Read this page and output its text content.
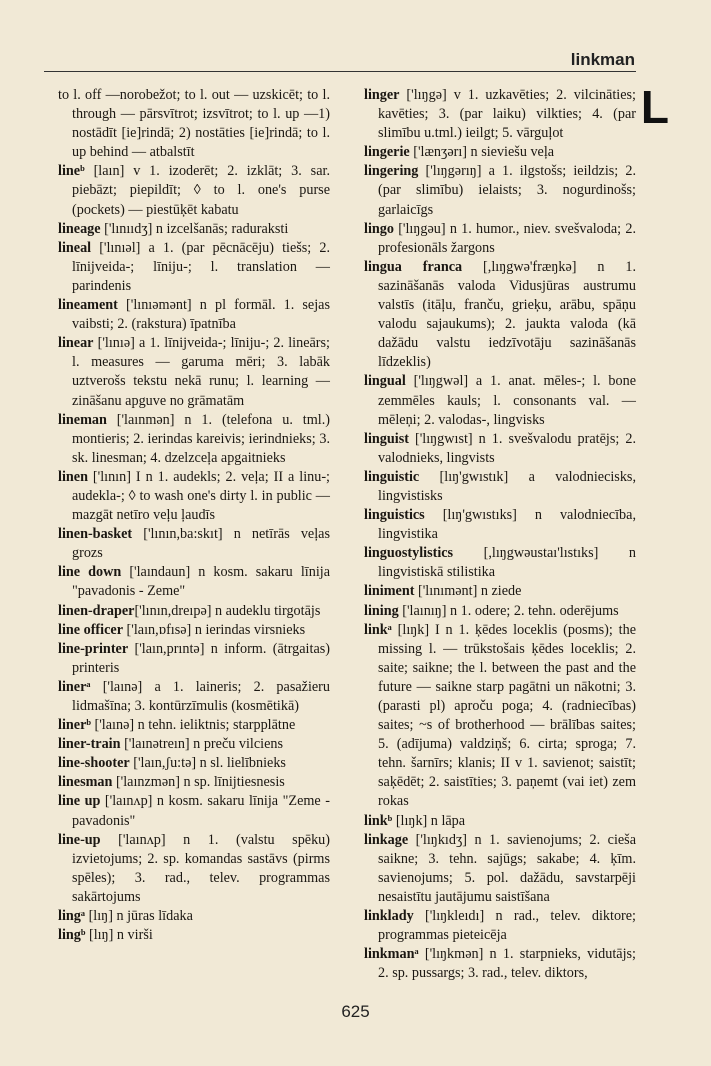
linkman
L

to l. off —norobežot; to l. out — uzskicēt; to l. through — pārsvītrot; izsvītrot; to l. up —1) nostādīt [ie]rindā; 2) nostāties [ie]rindā; to l. up behind — atbalstīt

lineᵇ [laın] v 1. izoderēt; 2. izklāt; 3. sar. piebāzt; piepildīt; ◊ to l. one's purse (pockets) — piestūķēt kabatu

lineage ['lınııdʒ] n izcelšanās; raduraksti

lineal ['lınıəl] a 1. (par pēcnācēju) tiešs; 2. līnijveida-; līniju-; l. translation — parindenis

lineament ['lınıəmənt] n pl formāl. 1. sejas vaibsti; 2. (rakstura) īpatnība

linear ['lınıə] a 1. līnijveida-; līniju-; 2. lineārs; l. measures — garuma mēri; 3. labāk uztverošs tekstu nekā runu; l. learning — zināšanu apguve no grāmatām

lineman ['laınmən] n 1. (telefona u. tml.) montieris; 2. ierindas kareivis; ierindnieks; 3. sk. linesman; 4. dzelzceļa apgaitnieks

linen ['lının] I n 1. audekls; 2. veļa; II a linu-; audekla-; ◊ to wash one's dirty l. in public — mazgāt netīro veļu ļaudīs

linen-basket ['lının,ba:skıt] n netīrās veļas grozs

line down ['laındaun] n kosm. sakaru līnija "pavadonis - Zeme"

linen-draper['lının,dreıpə] n audeklu tirgotājs

line officer ['laın,ɒfısə] n ierindas virsnieks

line-printer ['laın,prıntə] n inform. (ātrgaitas) printeris

linerᵃ ['laınə] a 1. laineris; 2. pasažieru lidmašīna; 3. kontūrzīmulis (kosmētikā)

linerᵇ ['laınə] n tehn. ieliktnis; starpplātne

liner-train ['laınətreın] n preču vilciens

line-shooter ['laın,ʃu:tə] n sl. lielībnieks

linesman ['laınzmən] n sp. līnijtiesnesis

line up ['laınʌp] n kosm. sakaru līnija "Zeme - pavadonis"

line-up ['laınʌp] n 1. (valstu spēku) izvietojums; 2. sp. komandas sastāvs (pirms spēles); 3. rad., telev. programmas sakārtojums

lingᵃ [lıŋ] n jūras līdaka

lingᵇ [lıŋ] n virši

linger ['lıŋgə] v 1. uzkavēties; 2. vilcināties; kavēties; 3. (par laiku) vilkties; 4. (par slimību u.tml.) ieilgt; 5. vārguļot

lingerie ['lænʒərı] n sieviešu veļa

lingering ['lıŋgərıŋ] a 1. ilgstošs; ieildzis; 2. (par slimību) ielaists; 3. nogurdinošs; garlaicīgs

lingo ['lıŋgəu] n 1. humor., niev. svešvaloda; 2. profesionāls žargons

lingua franca [,lıŋgwə'fræŋkə] n 1. sazināšanās valoda Vidusjūras austrumu valstīs (itāļu, franču, grieķu, arābu, spāņu valodu sajaukums); 2. jaukta valoda (kā dažādu valstu iedzīvotāju sazināšanās līdzeklis)

lingual ['lıŋgwəl] a 1. anat. mēles-; l. bone zemmēles kauls; l. consonants val. — mēleņi; 2. valodas-, lingvisks

linguist ['lıŋgwıst] n 1. svešvalodu pratējs; 2. valodnieks, lingvists

linguistic [lıŋ'gwıstık] a valodniecisks, lingvistisks

linguistics [lıŋ'gwıstıks] n valodniecība, lingvistika

linguostylistics [,lıŋgwəustaı'lıstıks] n lingvistiskā stilistika

liniment ['lınımənt] n ziede

lining ['laınıŋ] n 1. odere; 2. tehn. oderējums

linkᵃ [lıŋk] I n 1. ķēdes loceklis (posms); the missing l. — trūkstošais ķēdes loceklis; 2. saite; saikne; the l. between the past and the future — saikne starp pagātni un nākotni; 3. (parasti pl) aproču poga; 4. (radniecības) saites; ~s of brotherhood — brālības saites; 5. (adījuma) valdziņš; 6. cirta; sproga; 7. tehn. šarnīrs; klanis; II v 1. savienot; saistīt; saķēdēt; 2. saistīties; 3. paņemt (vai iet) zem rokas

linkᵇ [lıŋk] n lāpa

linkage ['lıŋkıdʒ] n 1. savienojums; 2. cieša saikne; 3. tehn. sajūgs; sakabe; 4. ķīm. savienojums; 5. pol. dažādu, savstarpēji nesaistītu jautājumu saistīšana

linklady ['lıŋkleıdı] n rad., telev. diktore; programmas pieteicēja

linkmanᵃ ['lıŋkmən] n 1. starpnieks, vidutājs; 2. sp. pussargs; 3. rad., telev. diktors,

625
